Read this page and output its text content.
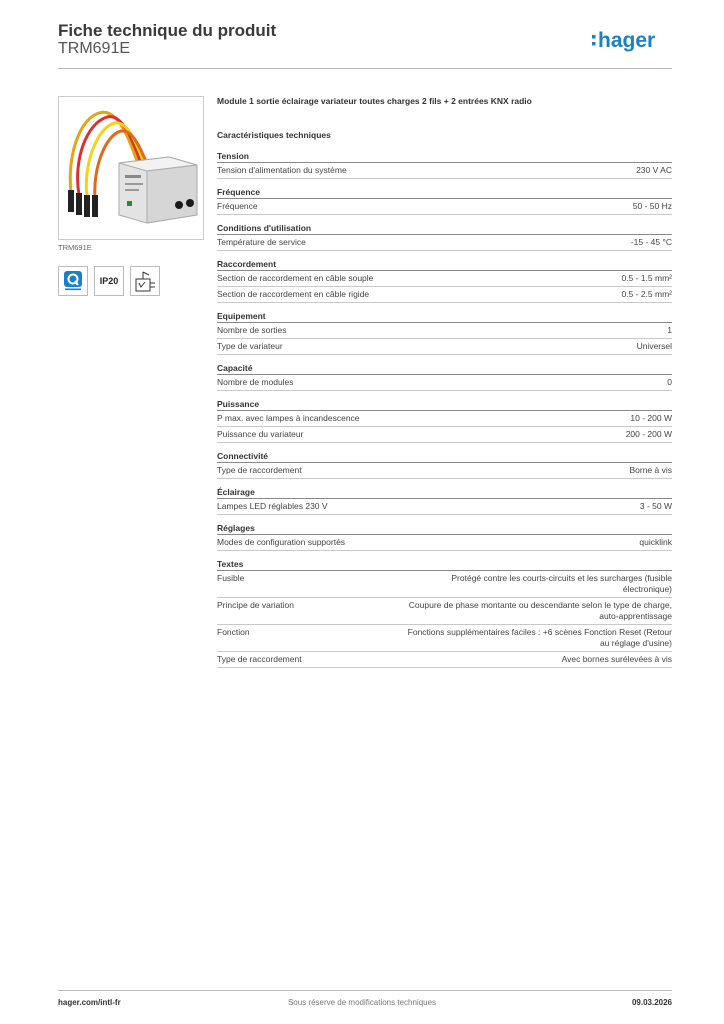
Fiche technique du produit
TRM691E	hager
TRM691E
IP20
Module 1 sortie éclairage variateur toutes charges 2 fils + 2 entrées KNX radio
Caractéristiques techniques
Tension
Tension d'alimentation du système	230 V AC
Fréquence
Fréquence	50 - 50 Hz
Conditions d'utilisation
Température de service	-15 - 45 °C
Raccordement
Section de raccordement en câble souple	0.5 - 1.5 mm²
Section de raccordement en câble rigide	0.5 - 2.5 mm²
Equipement
Nombre de sorties	1
Type de variateur	Universel
Capacité
Nombre de modules	0
Puissance
P max. avec lampes à incandescence	10 - 200 W
Puissance du variateur	200 - 200 W
Connectivité
Type de raccordement	Borne à vis
Éclairage
Lampes LED réglables 230 V	3 - 50 W
Réglages
Modes de configuration supportés	quicklink
Textes
Fusible	Protégé contre les courts-circuits et les surcharges (fusible électronique)
Principe de variation	Coupure de phase montante ou descendante selon le type de charge, auto-apprentissage
Fonction	Fonctions supplémentaires faciles : +6 scènes Fonction Reset (Retour au réglage d'usine)
Type de raccordement	Avec bornes surélevées à vis
Sous réserve de modifications techniques
hager.com/intl-fr	09.03.2026
